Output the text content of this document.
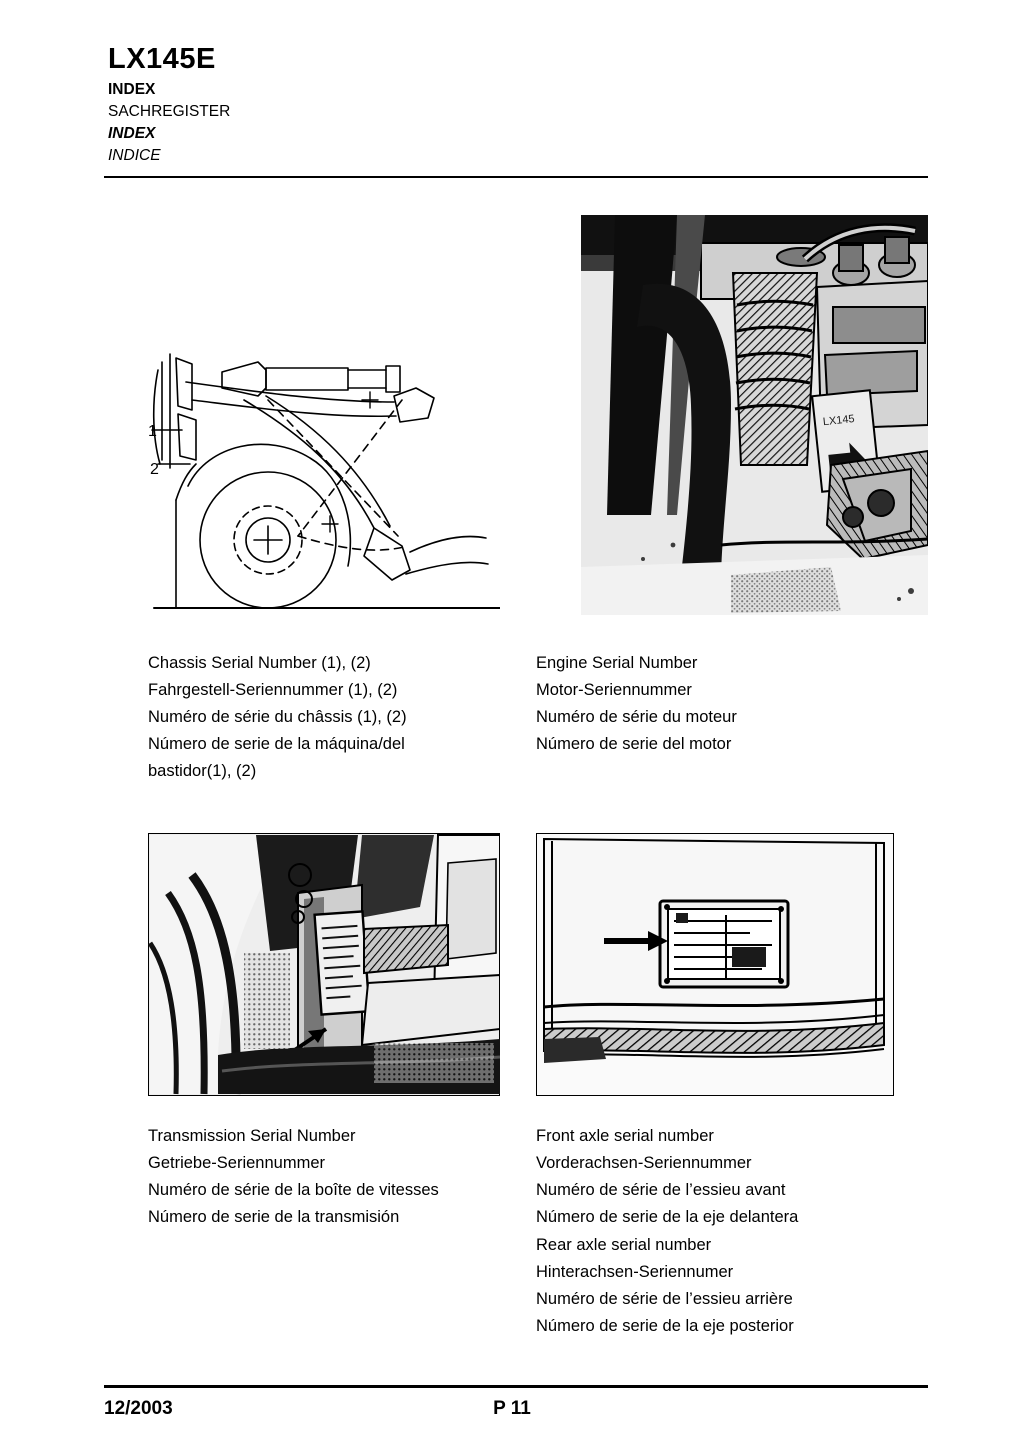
LX145E
INDEX
SACHREGISTER
INDEX
INDICE
1
2
LX145
Chassis Serial Number (1), (2)
Fahrgestell-Seriennummer (1), (2)
Numéro de série du châssis (1), (2)
Número de serie de la máquina/del
bastidor(1), (2)
Engine Serial Number
Motor-Seriennummer
Numéro de série du moteur
Número de serie del motor
Transmission Serial Number
Getriebe-Seriennummer
Numéro de série de la boîte de vitesses
Número de serie de la transmisión
Front axle serial number
Vorderachsen-Seriennummer
Numéro de série de l’essieu avant
Número de serie de la eje delantera
Rear axle serial number
Hinterachsen-Seriennumer
Numéro de série de l’essieu arrière
Número de serie de la eje posterior
12/2003	P 11
